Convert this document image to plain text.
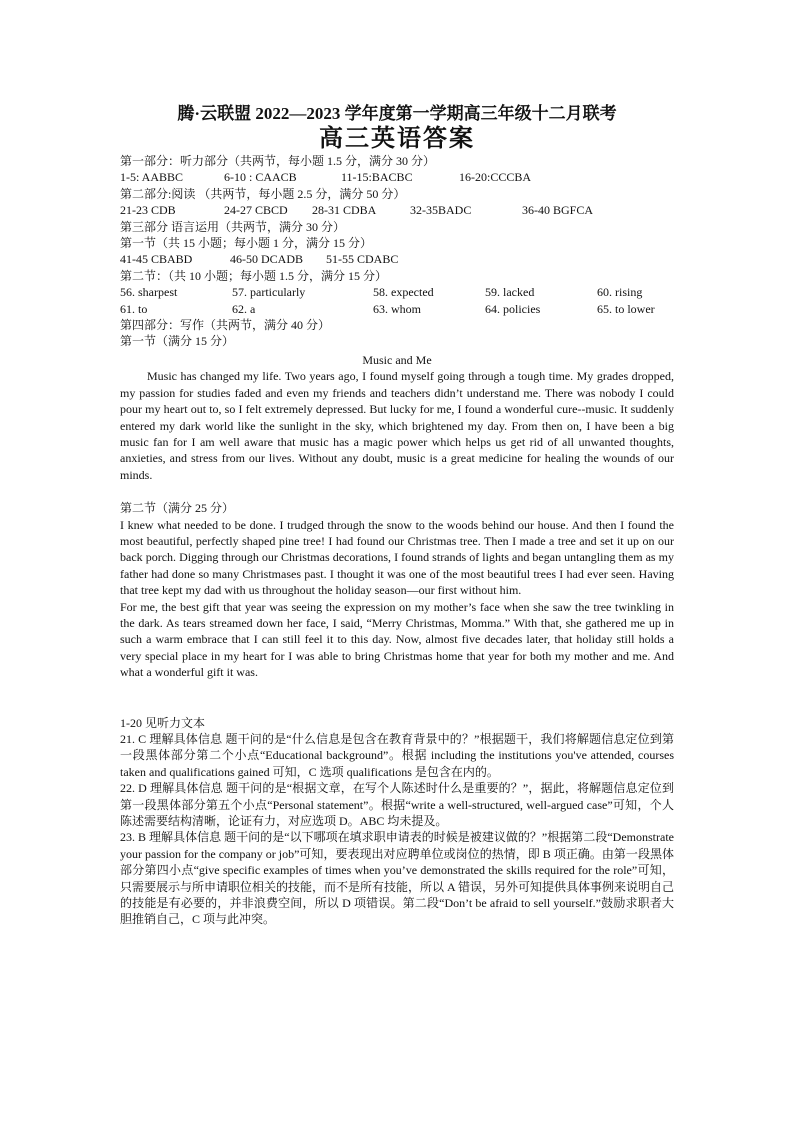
腾·云联盟 2022—2023 学年度第一学期高三年级十二月联考
高三英语答案
第一部分：听力部分（共两节，每小题 1.5 分，满分 30 分）
1-5: AABBC	6-10 : CAACB	11-15:BACBC	16-20:CCCBA
第二部分:阅读 （共两节，每小题 2.5 分，满分 50 分）
21-23 CDB	24-27 CBCD	28-31 CDBA	32-35BADC	36-40 BGFCA
第三部分 语言运用（共两节，满分 30 分）
第一节（共 15 小题；每小题 1 分，满分 15 分）
41-45 CBABD	46-50 DCADB	51-55 CDABC
第二节：（共 10 小题；每小题 1.5 分，满分 15 分）
56. sharpest	57. particularly	58. expected	59. lacked	60. rising
61. to	62. a	63. whom	64. policies	65. to lower
第四部分：写作（共两节，满分 40 分）
第一节（满分 15 分）
Music and Me
Music has changed my life. Two years ago, I found myself going through a tough time. My grades dropped, my passion for studies faded and even my friends and teachers didn’t understand me. There was nobody I could pour my heart out to, so I felt extremely depressed. But lucky for me, I found a wonderful cure--music. It suddenly entered my dark world like the sunlight in the sky, which brightened my day. From then on, I have been a big music fan for I am well aware that music has a magic power which helps us get rid of all unwanted thoughts, anxieties, and stress from our lives. Without any doubt, music is a great medicine for healing the wounds of our minds.
第二节（满分 25 分）
I knew what needed to be done. I trudged through the snow to the woods behind our house. And then I found the most beautiful, perfectly shaped pine tree! I had found our Christmas tree. Then I made a tree and set it up on our back porch. Digging through our Christmas decorations, I found strands of lights and began untangling them as my father had done so many Christmases past. I thought it was one of the most beautiful trees I had ever seen. Having that tree kept my dad with us throughout the holiday season—our first without him.
For me, the best gift that year was seeing the expression on my mother’s face when she saw the tree twinkling in the dark. As tears streamed down her face, I said, “Merry Christmas, Momma.” With that, she gathered me up in such a warm embrace that I can still feel it to this day. Now, almost five decades later, that holiday still holds a very special place in my heart for I was able to bring Christmas home that year for both my mother and me. And what a wonderful gift it was.
1-20 见听力文本
21. C 理解具体信息 题干问的是“什么信息是包含在教育背景中的？”根据题干，我们将解题信息定位到第一段黑体部分第二个小点“Educational background”。根据 including the institutions you've attended, courses taken and qualifications gained 可知，C 选项 qualifications 是包含在内的。
22. D 理解具体信息 题干问的是“根据文章，在写个人陈述时什么是重要的？”，据此，将解题信息定位到第一段黑体部分第五个小点“Personal statement”。根据“write a well-structured, well-argued case”可知，个人陈述需要结构清晰，论证有力，对应选项 D。ABC 均未提及。
23. B 理解具体信息 题干问的是“以下哪项在填求职申请表的时候是被建议做的？”根据第二段“Demonstrate your passion for the company or job”可知，要表现出对应聘单位或岗位的热情，即 B 项正确。由第一段黑体部分第四小点“give specific examples of times when you’ve demonstrated the skills required for the role”可知，只需要展示与所申请职位相关的技能，而不是所有技能，所以 A 错误，另外可知提供具体事例来说明自己的技能是有必要的，并非浪费空间，所以 D 项错误。第二段“Don’t be afraid to sell yourself.”鼓励求职者大胆推销自己，C 项与此冲突。
